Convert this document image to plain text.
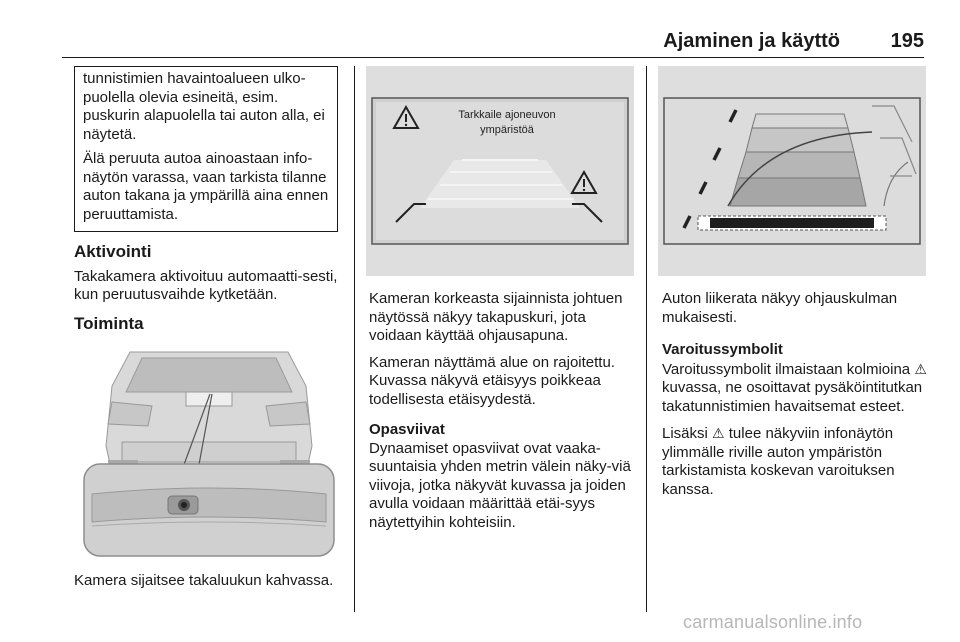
Ajaminen ja käyttö	195

tunnistimien havaintoalueen ulko-puolella olevia esineitä, esim. puskurin alapuolella tai auton alla, ei näytetä.

Älä peruuta autoa ainoastaan info-näytön varassa, vaan tarkista tilanne auton takana ja ympärillä aina ennen peruuttamista.

Aktivointi

Takakamera aktivoituu automaatti-sesti, kun peruutusvaihde kytketään.

Toiminta

Kamera sijaitsee takaluukun kahvassa.

Tarkkaile ajoneuvon
ympäristöä

Kameran korkeasta sijainnista johtuen näytössä näkyy takapuskuri, jota voidaan käyttää ohjausapuna.

Kameran näyttämä alue on rajoitettu. Kuvassa näkyvä etäisyys poikkeaa todellisesta etäisyydestä.

Opasviivat

Dynaamiset opasviivat ovat vaaka-suuntaisia yhden metrin välein näky-viä viivoja, jotka näkyvät kuvassa ja joiden avulla voidaan määrittää etäi-syys näytettyihin kohteisiin.

Auton liikerata näkyy ohjauskulman mukaisesti.

Varoitussymbolit

Varoitussymbolit ilmaistaan kolmioina ⚠ kuvassa, ne osoittavat pysäköintitutkan takatunnistimien havaitsemat esteet.

Lisäksi ⚠ tulee näkyviin infonäytön ylimmälle riville auton ympäristön tarkistamista koskevan varoituksen kanssa.

carmanualsonline.info
